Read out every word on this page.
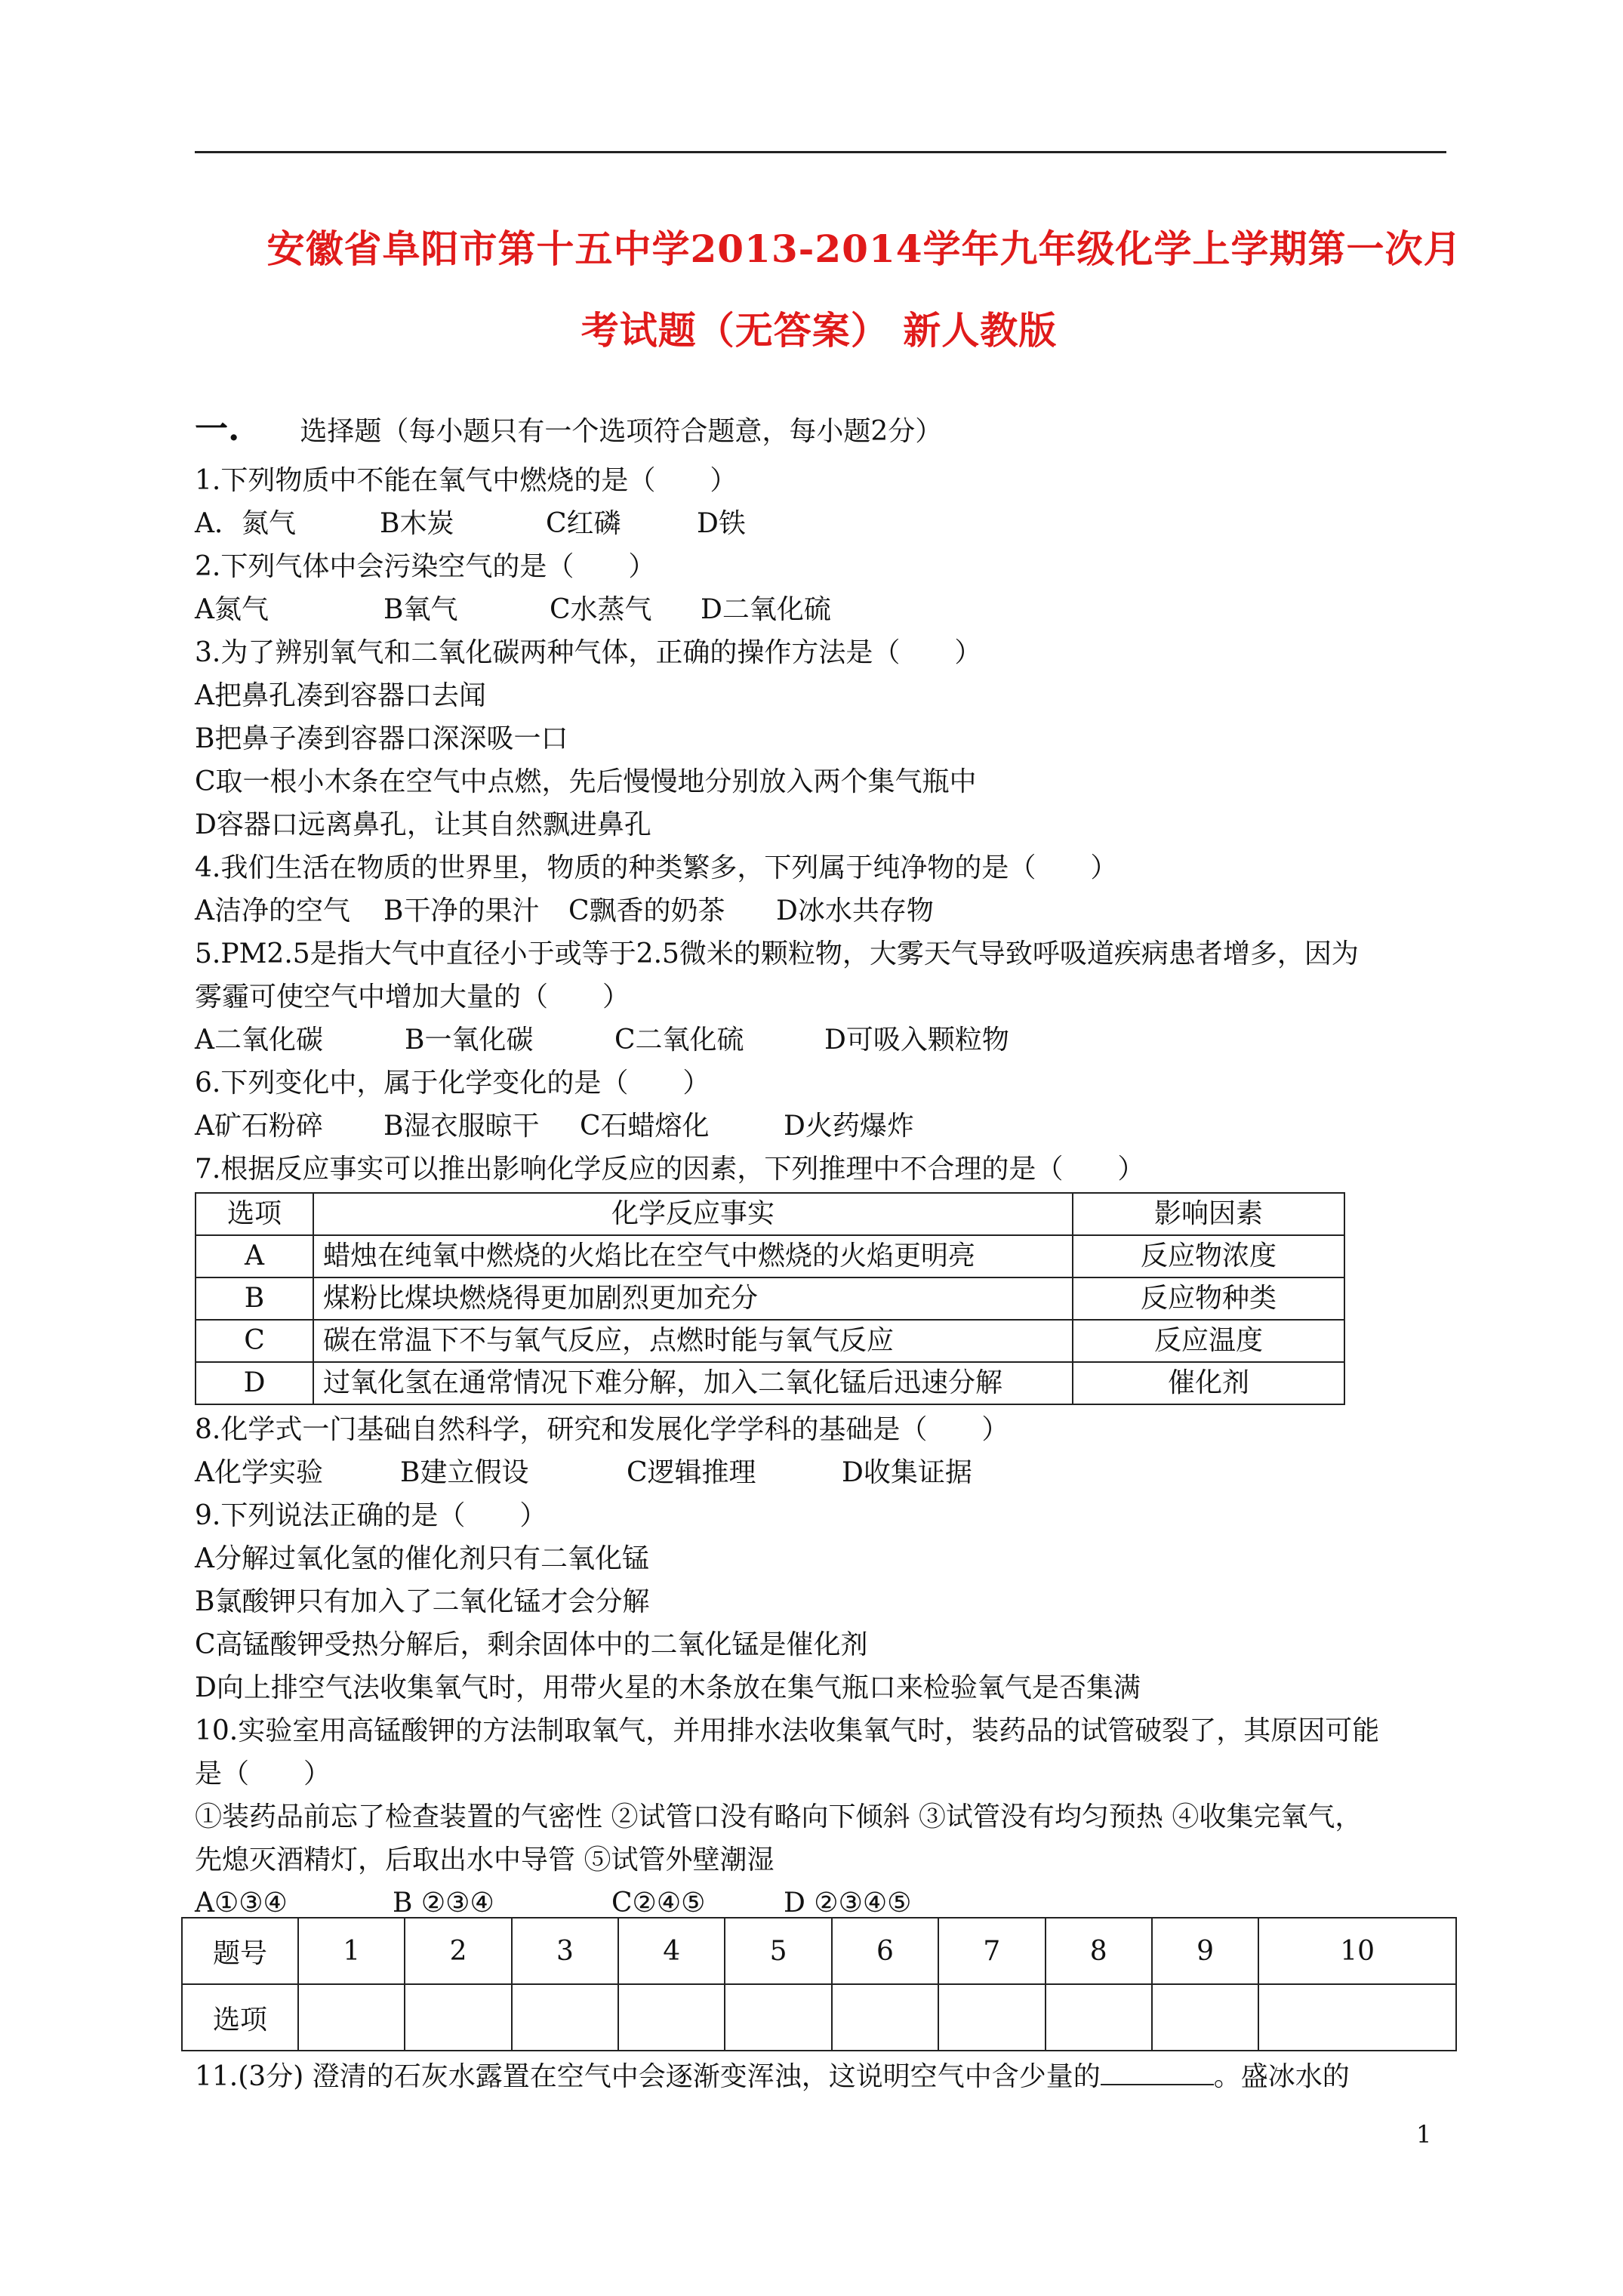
安徽省阜阳市第十五中学2013-2014学年九年级化学上学期第一次月
考试题（无答案） 新人教版
一. 选择题（每小题只有一个选项符合题意，每小题2分）
1.下列物质中不能在氧气中燃烧的是（　　）
A．氮气	B木炭	C红磷	D铁
2.下列气体中会污染空气的是（　　）
A氮气	B氧气	C水蒸气 D二氧化硫
3.为了辨别氧气和二氧化碳两种气体，正确的操作方法是（　　）
A把鼻孔凑到容器口去闻
B把鼻子凑到容器口深深吸一口
C取一根小木条在空气中点燃，先后慢慢地分别放入两个集气瓶中
D容器口远离鼻孔，让其自然飘进鼻孔
4.我们生活在物质的世界里，物质的种类繁多，下列属于纯净物的是（　　）
A洁净的空气 B干净的果汁 C飘香的奶茶 D冰水共存物
5.PM2.5是指大气中直径小于或等于2.5微米的颗粒物，大雾天气导致呼吸道疾病患者增多，因为
雾霾可使空气中增加大量的（　　）
A二氧化碳	B一氧化碳	C二氧化硫	D可吸入颗粒物
6.下列变化中，属于化学变化的是（　　）
A矿石粉碎 B湿衣服晾干 C石蜡熔化	D火药爆炸
7.根据反应事实可以推出影响化学反应的因素，下列推理中不合理的是（　　）
选项	化学反应事实	影响因素
A	蜡烛在纯氧中燃烧的火焰比在空气中燃烧的火焰更明亮	反应物浓度
B	煤粉比煤块燃烧得更加剧烈更加充分	反应物种类
C	碳在常温下不与氧气反应，点燃时能与氧气反应	反应温度
D	过氧化氢在通常情况下难分解，加入二氧化锰后迅速分解	催化剂
8.化学式一门基础自然科学，研究和发展化学学科的基础是（　　）
A化学实验	B建立假设	C逻辑推理	D收集证据
9.下列说法正确的是（　　）
A分解过氧化氢的催化剂只有二氧化锰
B氯酸钾只有加入了二氧化锰才会分解
C高锰酸钾受热分解后，剩余固体中的二氧化锰是催化剂
D向上排空气法收集氧气时，用带火星的木条放在集气瓶口来检验氧气是否集满
10.实验室用高锰酸钾的方法制取氧气，并用排水法收集氧气时，装药品的试管破裂了，其原因可能
是（　　）
①装药品前忘了检查装置的气密性 ②试管口没有略向下倾斜 ③试管没有均匀预热 ④收集完氧气，
先熄灭酒精灯，后取出水中导管 ⑤试管外壁潮湿
A①③④	B ②③④	C②④⑤	D ②③④⑤
题号	1	2	3	4	5	6	7	8	9	10
选项										
11.(3分) 澄清的石灰水露置在空气中会逐渐变浑浊，这说明空气中含少量的	。盛冰水的
1
